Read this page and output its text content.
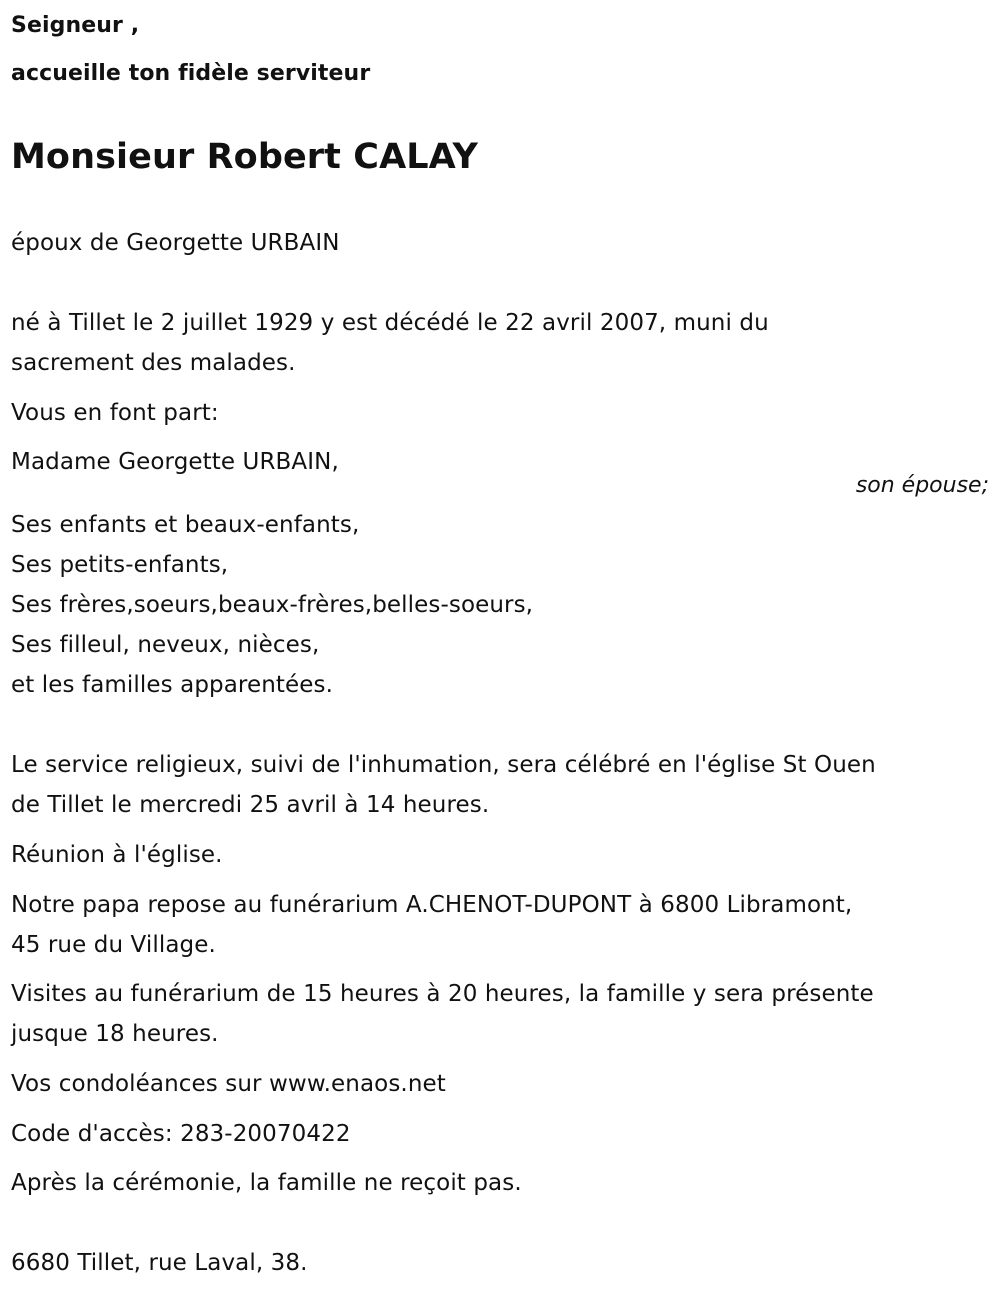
Seigneur ,
accueille ton fidèle serviteur
Monsieur Robert CALAY
époux de Georgette URBAIN
né à Tillet le 2 juillet 1929 y est décédé le 22 avril 2007, muni du
sacrement des malades.
Vous en font part:
Madame Georgette URBAIN,
son épouse;
Ses enfants et beaux-enfants,
Ses petits-enfants,
Ses frères,soeurs,beaux-frères,belles-soeurs,
Ses filleul, neveux, nièces,
et les familles apparentées.
Le service religieux, suivi de l'inhumation, sera célébré en l'église St Ouen
de Tillet le mercredi 25 avril à 14 heures.
Réunion à l'église.
Notre papa repose au funérarium A.CHENOT-DUPONT à 6800 Libramont,
45 rue du Village.
Visites au funérarium de 15 heures à 20 heures, la famille y sera présente
jusque 18 heures.
Vos condoléances sur www.enaos.net
Code d'accès: 283-20070422
Après la cérémonie, la famille ne reçoit pas.
6680 Tillet, rue Laval, 38.
